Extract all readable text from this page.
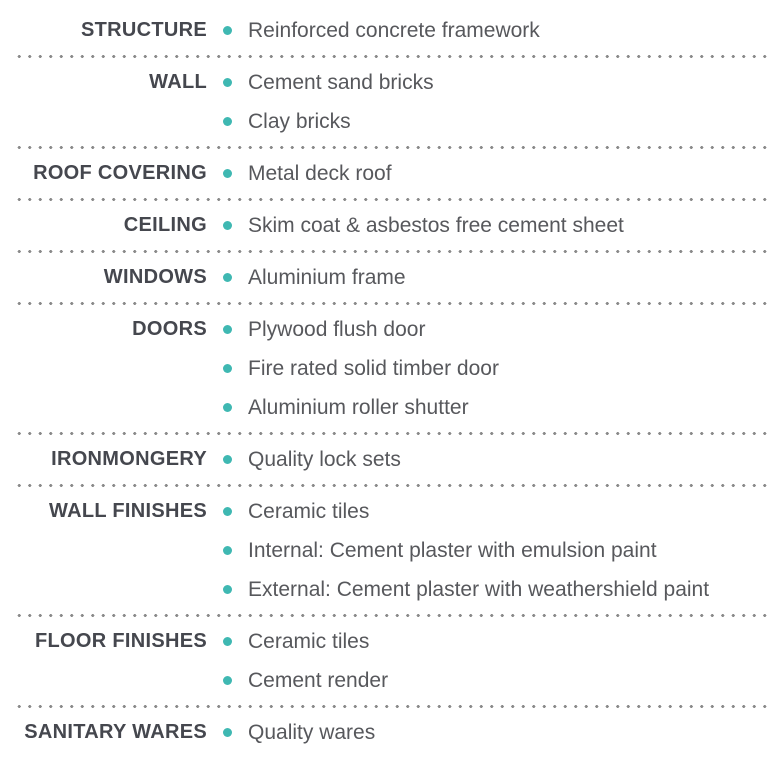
STRUCTURE Reinforced concrete framework
WALL Cement sand bricks
Clay bricks
ROOF COVERING Metal deck roof
CEILING Skim coat & asbestos free cement sheet
WINDOWS Aluminium frame
DOORS Plywood flush door
Fire rated solid timber door
Aluminium roller shutter
IRONMONGERY Quality lock sets
WALL FINISHES Ceramic tiles
Internal: Cement plaster with emulsion paint
External: Cement plaster with weathershield paint
FLOOR FINISHES Ceramic tiles
Cement render
SANITARY WARES Quality wares
